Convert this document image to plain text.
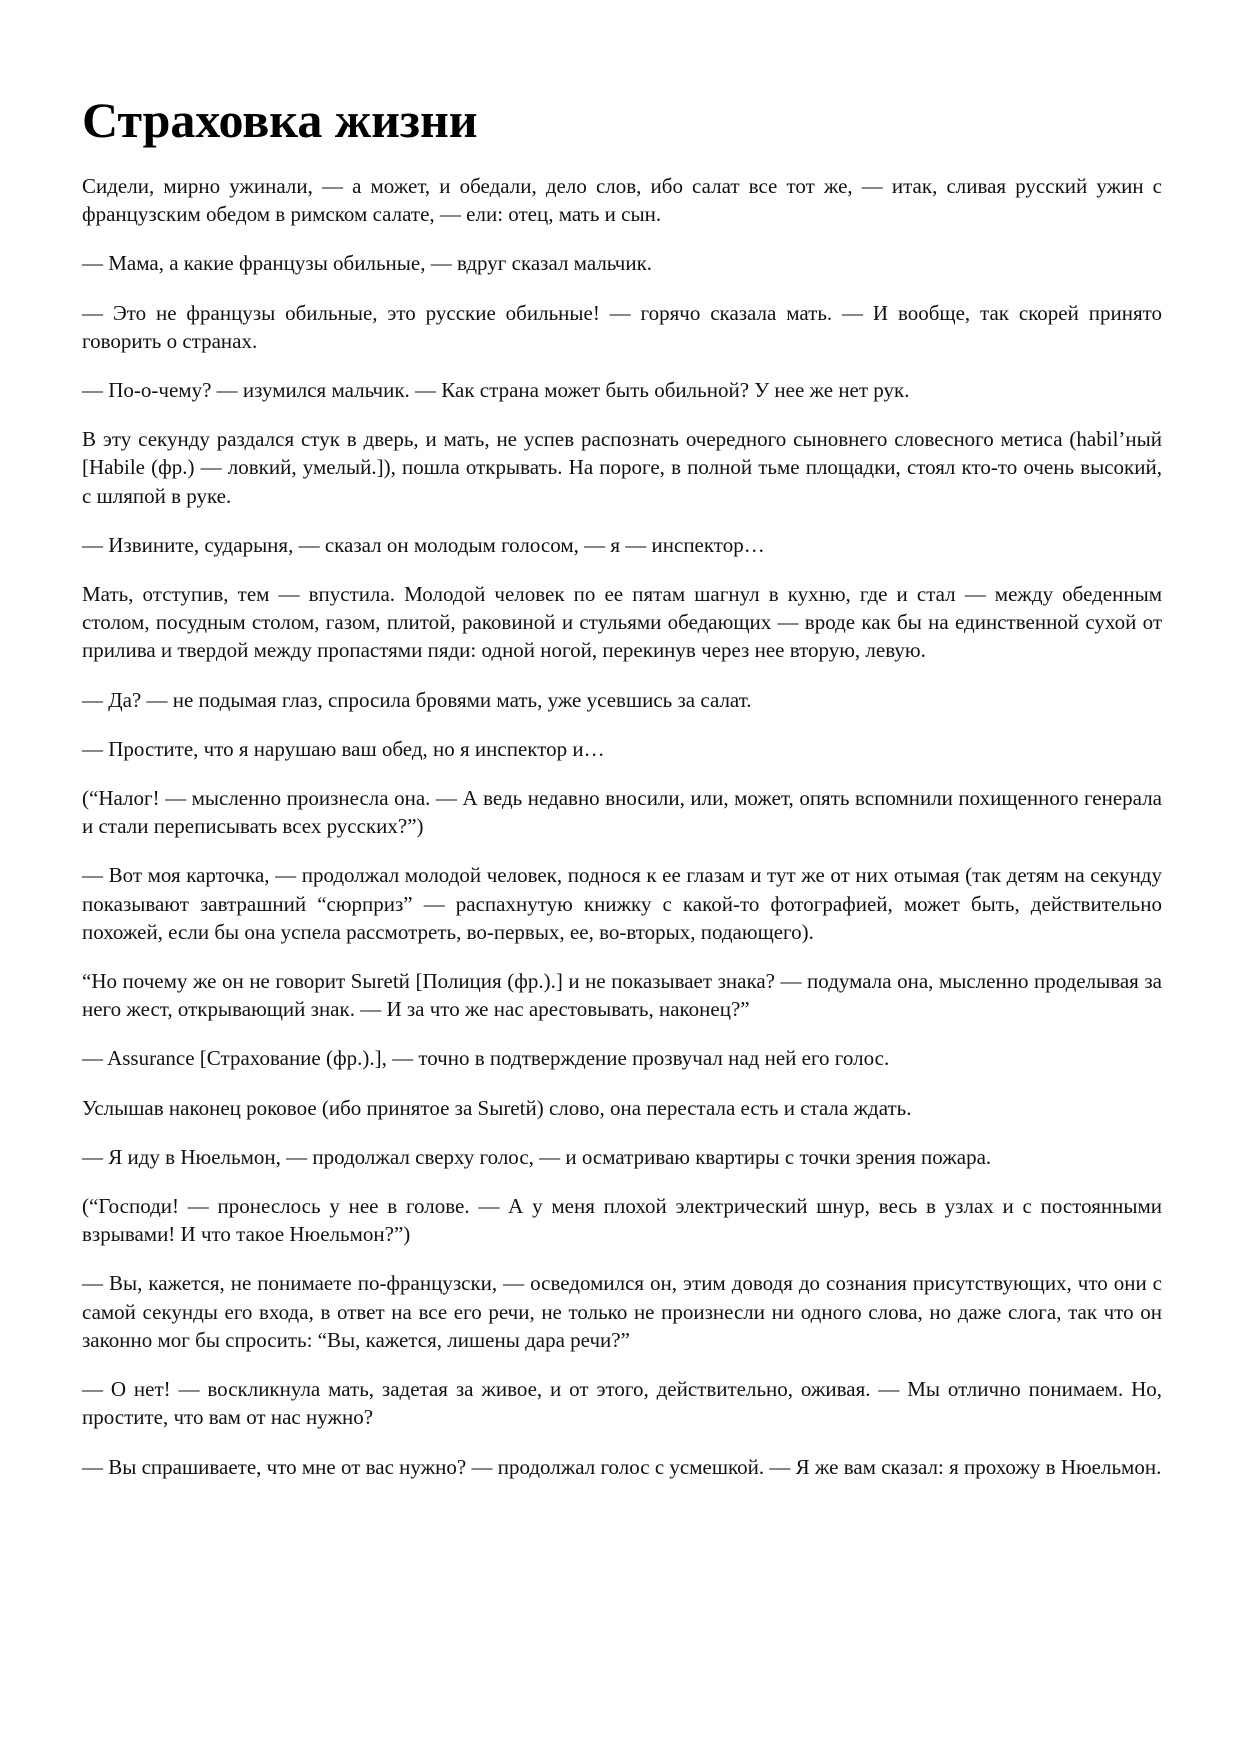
Страховка жизни

Сидели, мирно ужинали, — а может, и обедали, дело слов, ибо салат все тот же, — итак, сливая русский ужин с французским обедом в римском салате, — ели: отец, мать и сын.

— Мама, а какие французы обильные, — вдруг сказал мальчик.

— Это не французы обильные, это русские обильные! — горячо сказала мать. — И вообще, так скорей принято говорить о странах.

— По-о-чему? — изумился мальчик. — Как страна может быть обильной? У нее же нет рук.

В эту секунду раздался стук в дверь, и мать, не успев распознать очередного сыновнего словесного метиса (habil’ный [Habile (фр.) — ловкий, умелый.]), пошла открывать. На пороге, в полной тьме площадки, стоял кто-то очень высокий, с шляпой в руке.

— Извините, сударыня, — сказал он молодым голосом, — я — инспектор…

Мать, отступив, тем — впустила. Молодой человек по ее пятам шагнул в кухню, где и стал — между обеденным столом, посудным столом, газом, плитой, раковиной и стульями обедающих — вроде как бы на единственной сухой от прилива и твердой между пропастями пяди: одной ногой, перекинув через нее вторую, левую.

— Да? — не подымая глаз, спросила бровями мать, уже усевшись за салат.

— Простите, что я нарушаю ваш обед, но я инспектор и…

(“Налог! — мысленно произнесла она. — А ведь недавно вносили, или, может, опять вспомнили похищенного генерала и стали переписывать всех русских?”)

— Вот моя карточка, — продолжал молодой человек, поднося к ее глазам и тут же от них отымая (так детям на секунду показывают завтрашний “сюрприз” — распахнутую книжку с какой-то фотографией, может быть, действительно похожей, если бы она успела рассмотреть, во-первых, ее, во-вторых, подающего).

“Но почему же он не говорит Sыretй [Полиция (фр.).] и не показывает знака? — подумала она, мысленно проделывая за него жест, открывающий знак. — И за что же нас арестовывать, наконец?”

— Assurance [Страхование (фр.).], — точно в подтверждение прозвучал над ней его голос.

Услышав наконец роковое (ибо принятое за Sыretй) слово, она перестала есть и стала ждать.

— Я иду в Нюельмон, — продолжал сверху голос, — и осматриваю квартиры с точки зрения пожара.

(“Господи! — пронеслось у нее в голове. — А у меня плохой электрический шнур, весь в узлах и с постоянными взрывами! И что такое Нюельмон?”)

— Вы, кажется, не понимаете по-французски, — осведомился он, этим доводя до сознания присутствующих, что они с самой секунды его входа, в ответ на все его речи, не только не произнесли ни одного слова, но даже слога, так что он законно мог бы спросить: “Вы, кажется, лишены дара речи?”

— О нет! — воскликнула мать, задетая за живое, и от этого, действительно, оживая. — Мы отлично понимаем. Но, простите, что вам от нас нужно?

— Вы спрашиваете, что мне от вас нужно? — продолжал голос с усмешкой. — Я же вам сказал: я прохожу в Нюельмон.
